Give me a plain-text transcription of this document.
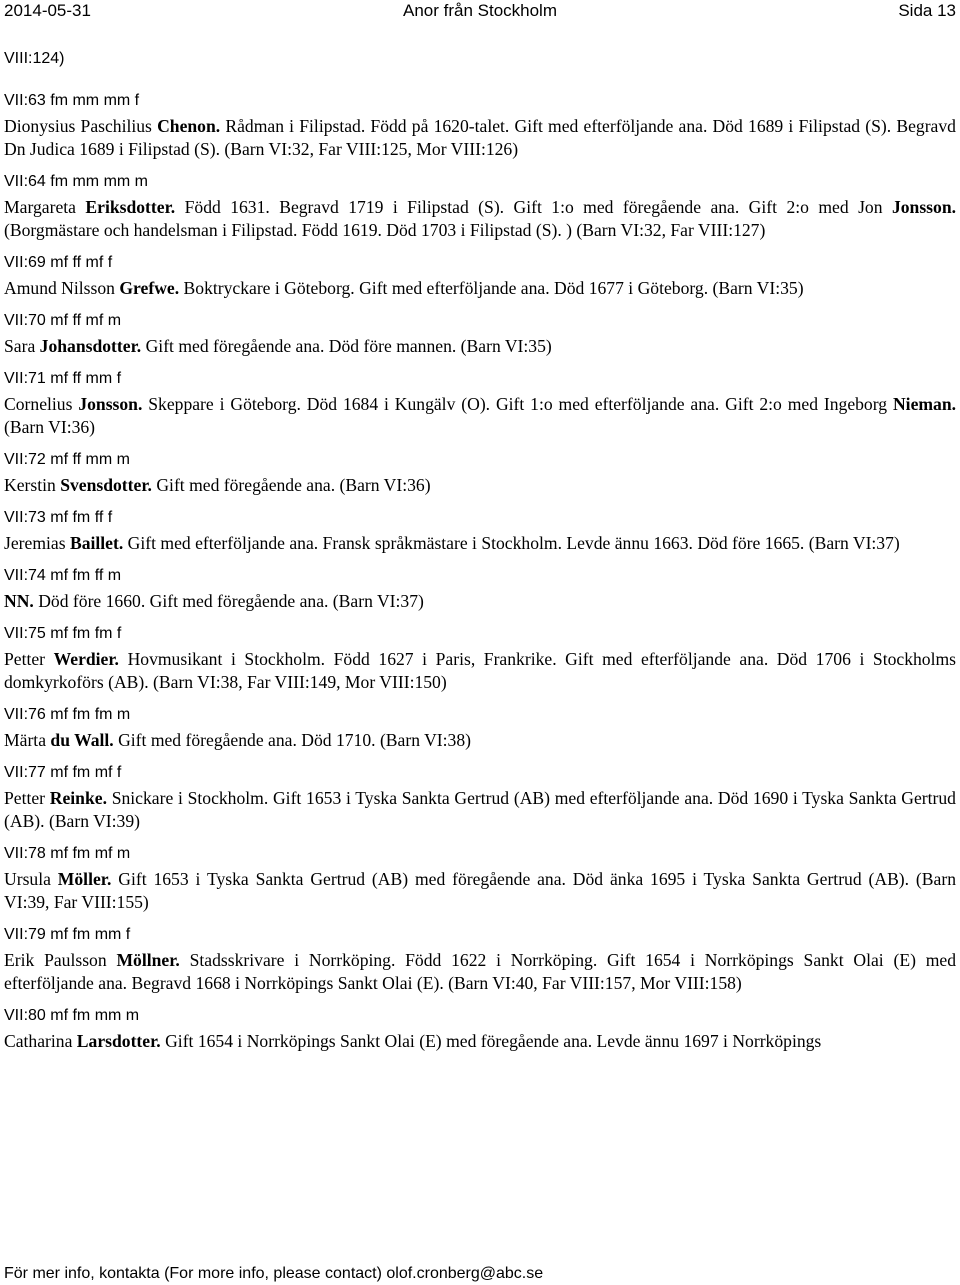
Anor från Stockholm
2014-05-31	Sida 13
VIII:124)
VII:63 fm mm mm f
Dionysius Paschilius Chenon. Rådman i Filipstad. Född på 1620-talet. Gift med efterföljande ana. Död 1689 i Filipstad (S). Begravd Dn Judica 1689 i Filipstad (S). (Barn VI:32, Far VIII:125, Mor VIII:126)
VII:64 fm mm mm m
Margareta Eriksdotter. Född 1631. Begravd 1719 i Filipstad (S). Gift 1:o med föregående ana. Gift 2:o med Jon Jonsson. (Borgmästare och handelsman i Filipstad. Född 1619. Död 1703 i Filipstad (S). ) (Barn VI:32, Far VIII:127)
VII:69 mf ff mf f
Amund Nilsson Grefwe. Boktryckare i Göteborg. Gift med efterföljande ana. Död 1677 i Göteborg. (Barn VI:35)
VII:70 mf ff mf m
Sara Johansdotter. Gift med föregående ana. Död före mannen. (Barn VI:35)
VII:71 mf ff mm f
Cornelius Jonsson. Skeppare i Göteborg. Död 1684 i Kungälv (O). Gift 1:o med efterföljande ana. Gift 2:o med Ingeborg Nieman. (Barn VI:36)
VII:72 mf ff mm m
Kerstin Svensdotter. Gift med föregående ana. (Barn VI:36)
VII:73 mf fm ff f
Jeremias Baillet. Gift med efterföljande ana. Fransk språkmästare i Stockholm. Levde ännu 1663. Död före 1665. (Barn VI:37)
VII:74 mf fm ff m
NN. Död före 1660. Gift med föregående ana. (Barn VI:37)
VII:75 mf fm fm f
Petter Werdier. Hovmusikant i Stockholm. Född 1627 i Paris, Frankrike. Gift med efterföljande ana. Död 1706 i Stockholms domkyrkoförs (AB). (Barn VI:38, Far VIII:149, Mor VIII:150)
VII:76 mf fm fm m
Märta du Wall. Gift med föregående ana. Död 1710. (Barn VI:38)
VII:77 mf fm mf f
Petter Reinke. Snickare i Stockholm. Gift 1653 i Tyska Sankta Gertrud (AB) med efterföljande ana. Död 1690 i Tyska Sankta Gertrud (AB). (Barn VI:39)
VII:78 mf fm mf m
Ursula Möller. Gift 1653 i Tyska Sankta Gertrud (AB) med föregående ana. Död änka 1695 i Tyska Sankta Gertrud (AB). (Barn VI:39, Far VIII:155)
VII:79 mf fm mm f
Erik Paulsson Möllner. Stadsskrivare i Norrköping. Född 1622 i Norrköping. Gift 1654 i Norrköpings Sankt Olai (E) med efterföljande ana. Begravd 1668 i Norrköpings Sankt Olai (E). (Barn VI:40, Far VIII:157, Mor VIII:158)
VII:80 mf fm mm m
Catharina Larsdotter. Gift 1654 i Norrköpings Sankt Olai (E) med föregående ana. Levde ännu 1697 i Norrköpings
För mer info, kontakta (For more info, please contact) olof.cronberg@abc.se
